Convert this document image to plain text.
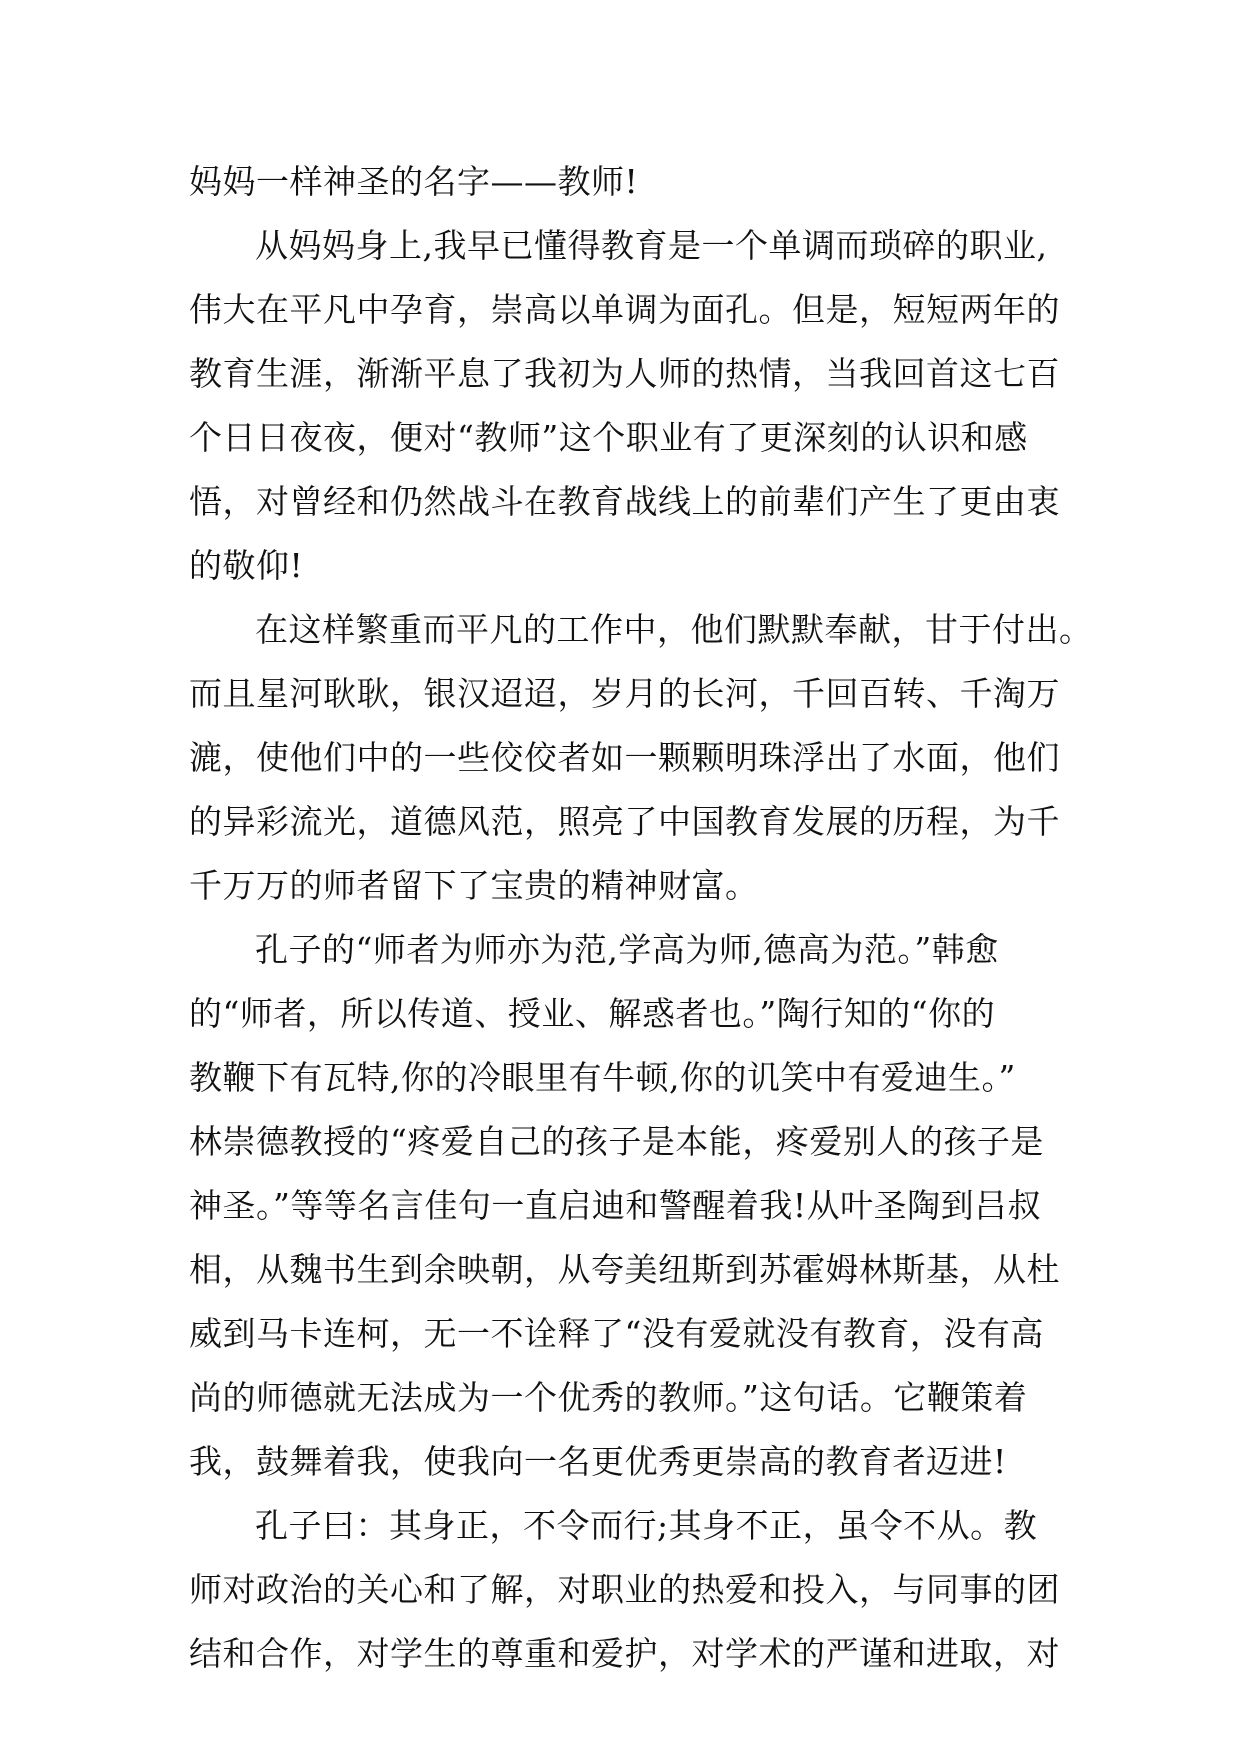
妈妈一样神圣的名字——教师!
从妈妈身上,我早已懂得教育是一个单调而琐碎的职业,
伟大在平凡中孕育，崇高以单调为面孔。但是，短短两年的
教育生涯，渐渐平息了我初为人师的热情，当我回首这七百
个日日夜夜，便对“教师”这个职业有了更深刻的认识和感
悟，对曾经和仍然战斗在教育战线上的前辈们产生了更由衷
的敬仰!
在这样繁重而平凡的工作中，他们默默奉献，甘于付出。
而且星河耿耿，银汉迢迢，岁月的长河，千回百转、千淘万
漉，使他们中的一些佼佼者如一颗颗明珠浮出了水面，他们
的异彩流光，道德风范，照亮了中国教育发展的历程，为千
千万万的师者留下了宝贵的精神财富。
孔子的“师者为师亦为范,学高为师,德高为范。”韩愈
的“师者，所以传道、授业、解惑者也。”陶行知的“你的
教鞭下有瓦特,你的冷眼里有牛顿,你的讥笑中有爱迪生。”
林崇德教授的“疼爱自己的孩子是本能，疼爱别人的孩子是
神圣。”等等名言佳句一直启迪和警醒着我!从叶圣陶到吕叔
相，从魏书生到余映朝，从夸美纽斯到苏霍姆林斯基，从杜
威到马卡连柯，无一不诠释了“没有爱就没有教育，没有高
尚的师德就无法成为一个优秀的教师。”这句话。它鞭策着
我，鼓舞着我，使我向一名更优秀更崇高的教育者迈进!
孔子曰：其身正，不令而行;其身不正，虽令不从。教
师对政治的关心和了解，对职业的热爱和投入，与同事的团
结和合作，对学生的尊重和爱护，对学术的严谨和进取，对
